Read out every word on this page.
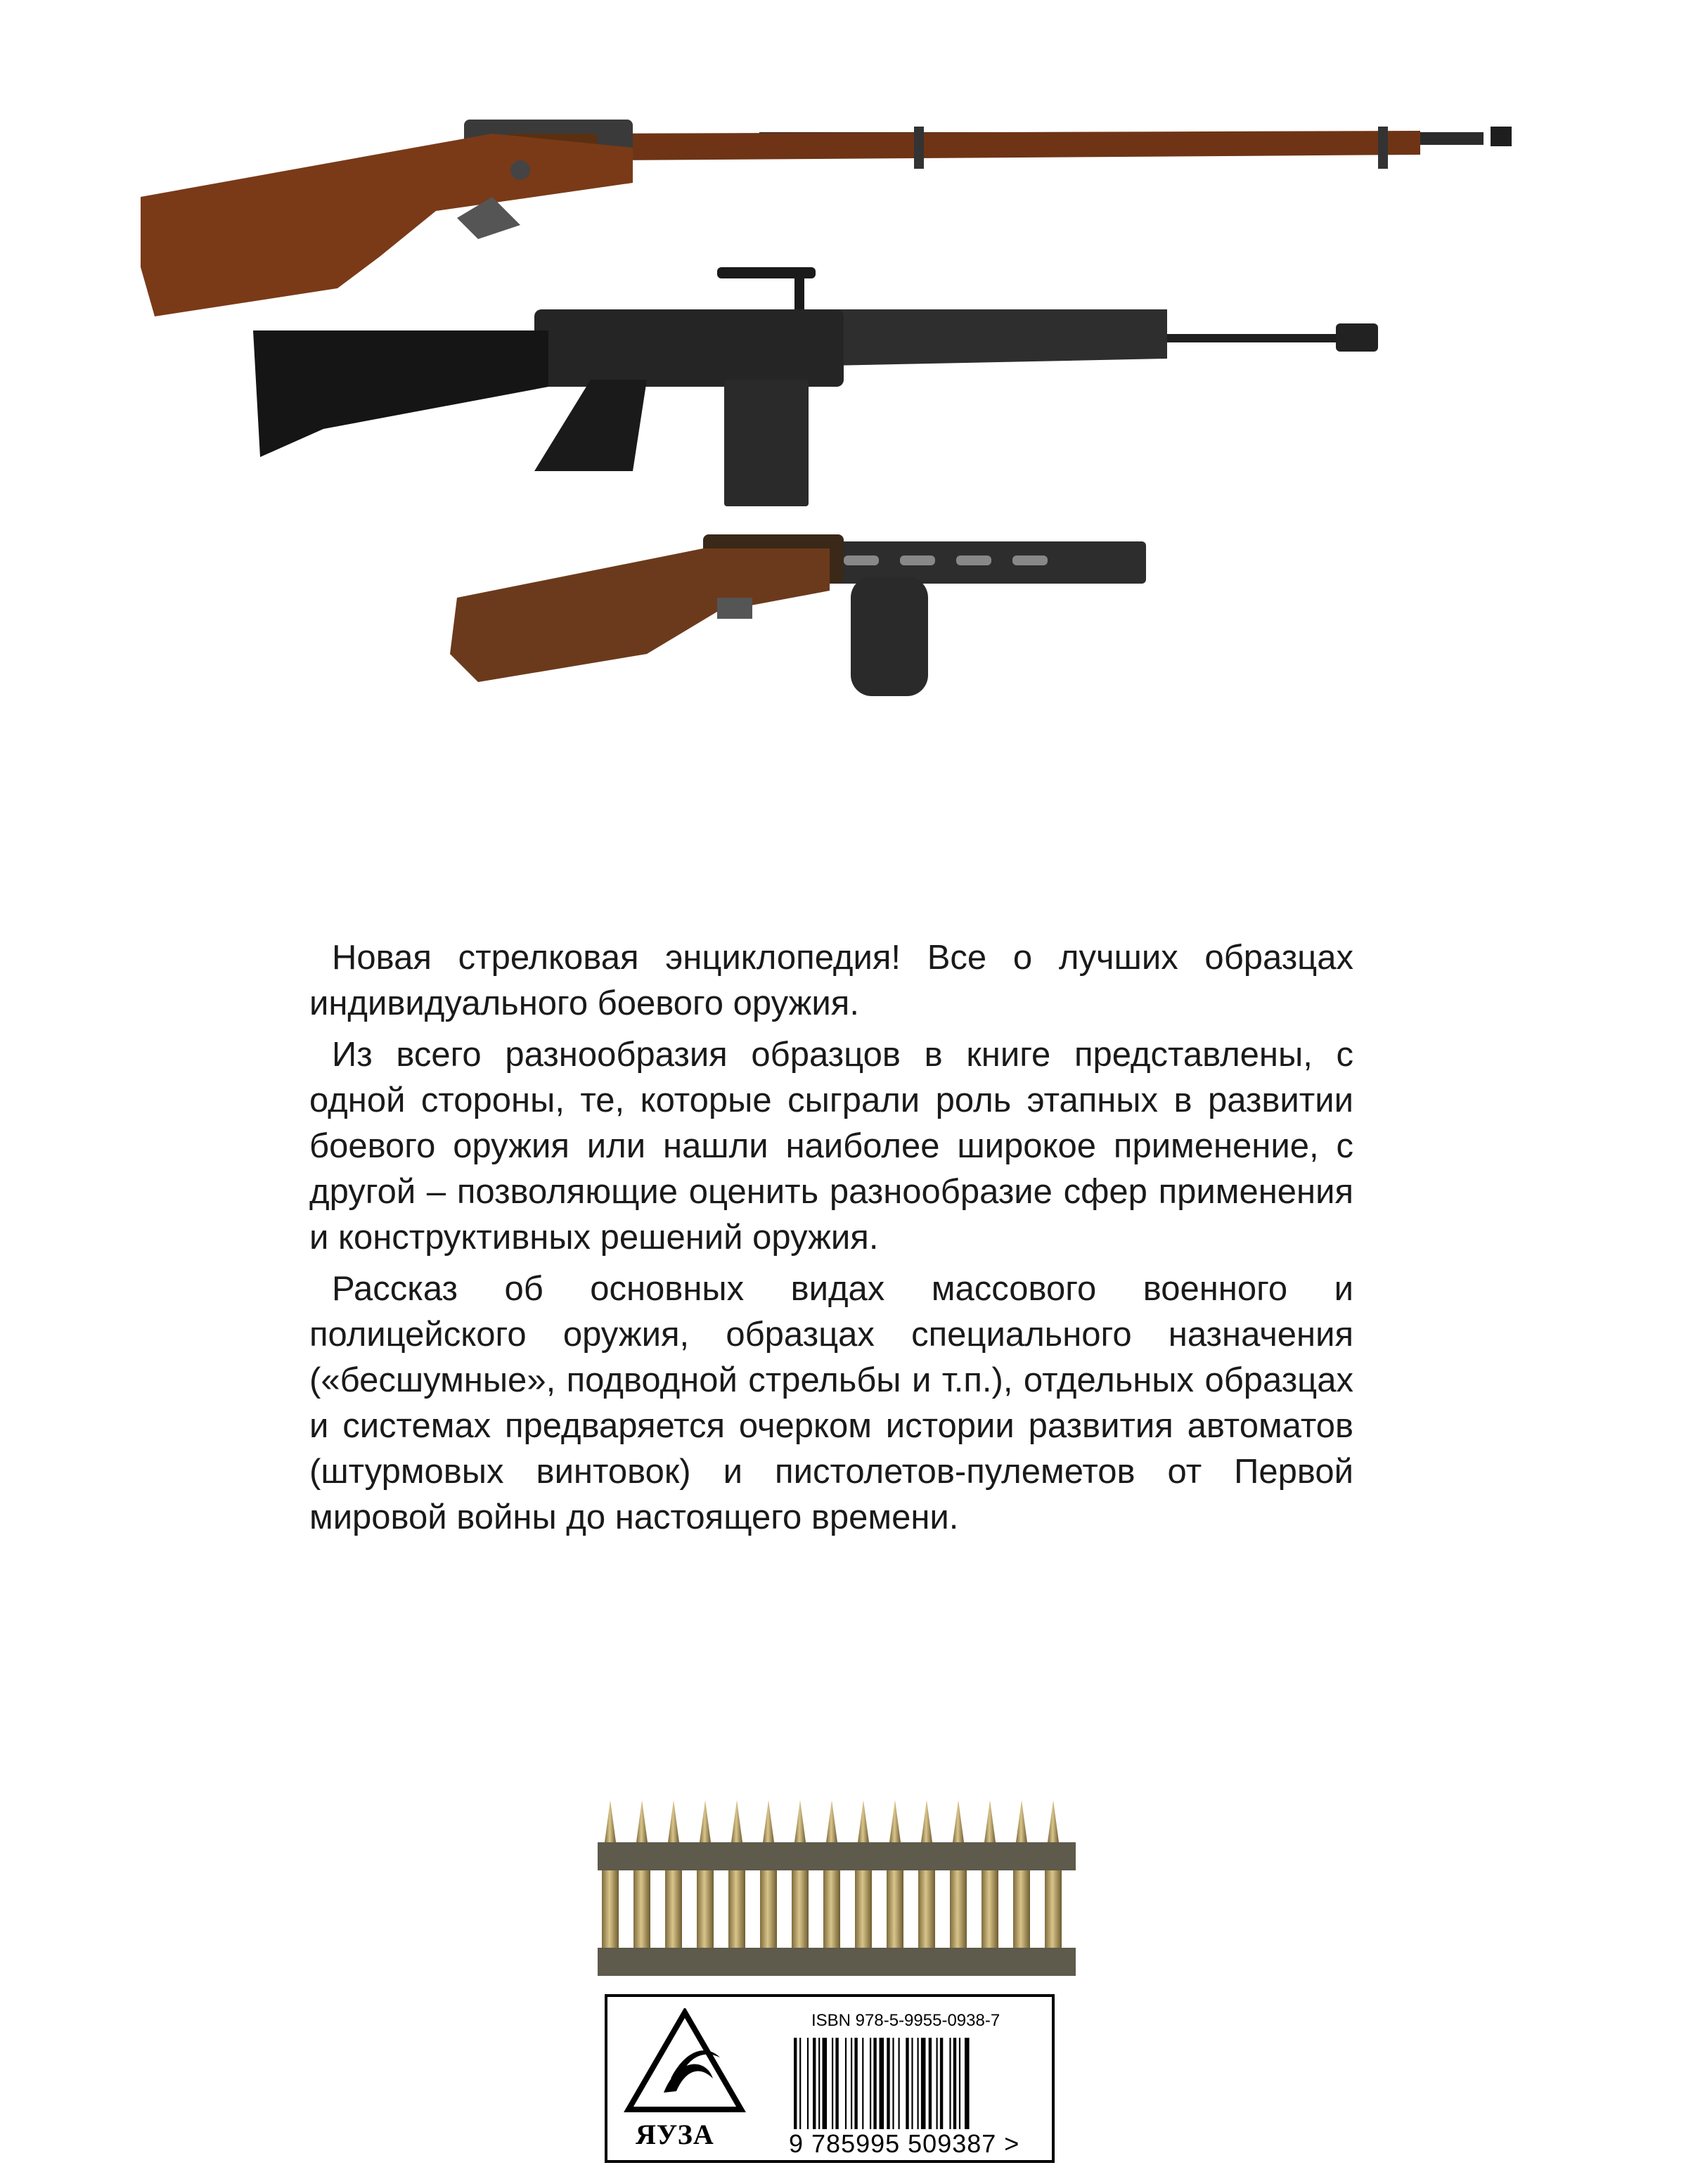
Новая стрелковая энциклопедия! Все о лучших образцах индивидуального боевого оружия.

Из всего разнообразия образцов в книге представлены, с одной стороны, те, которые сыграли роль этапных в развитии боевого оружия или нашли наиболее широкое применение, с другой – позволяющие оценить разнообразие сфер применения и конструктивных решений оружия.

Рассказ об основных видах массового военного и полицейского оружия, образцах специального назначения («бесшумные», подводной стрельбы и т.п.), отдельных образцах и системах предваряется очерком истории развития автоматов (штурмовых винтовок) и пистолетов-пулеметов от Первой мировой войны до настоящего времени.

ЯУЗА
ISBN 978-5-9955-0938-7
9 785995 509387 >
